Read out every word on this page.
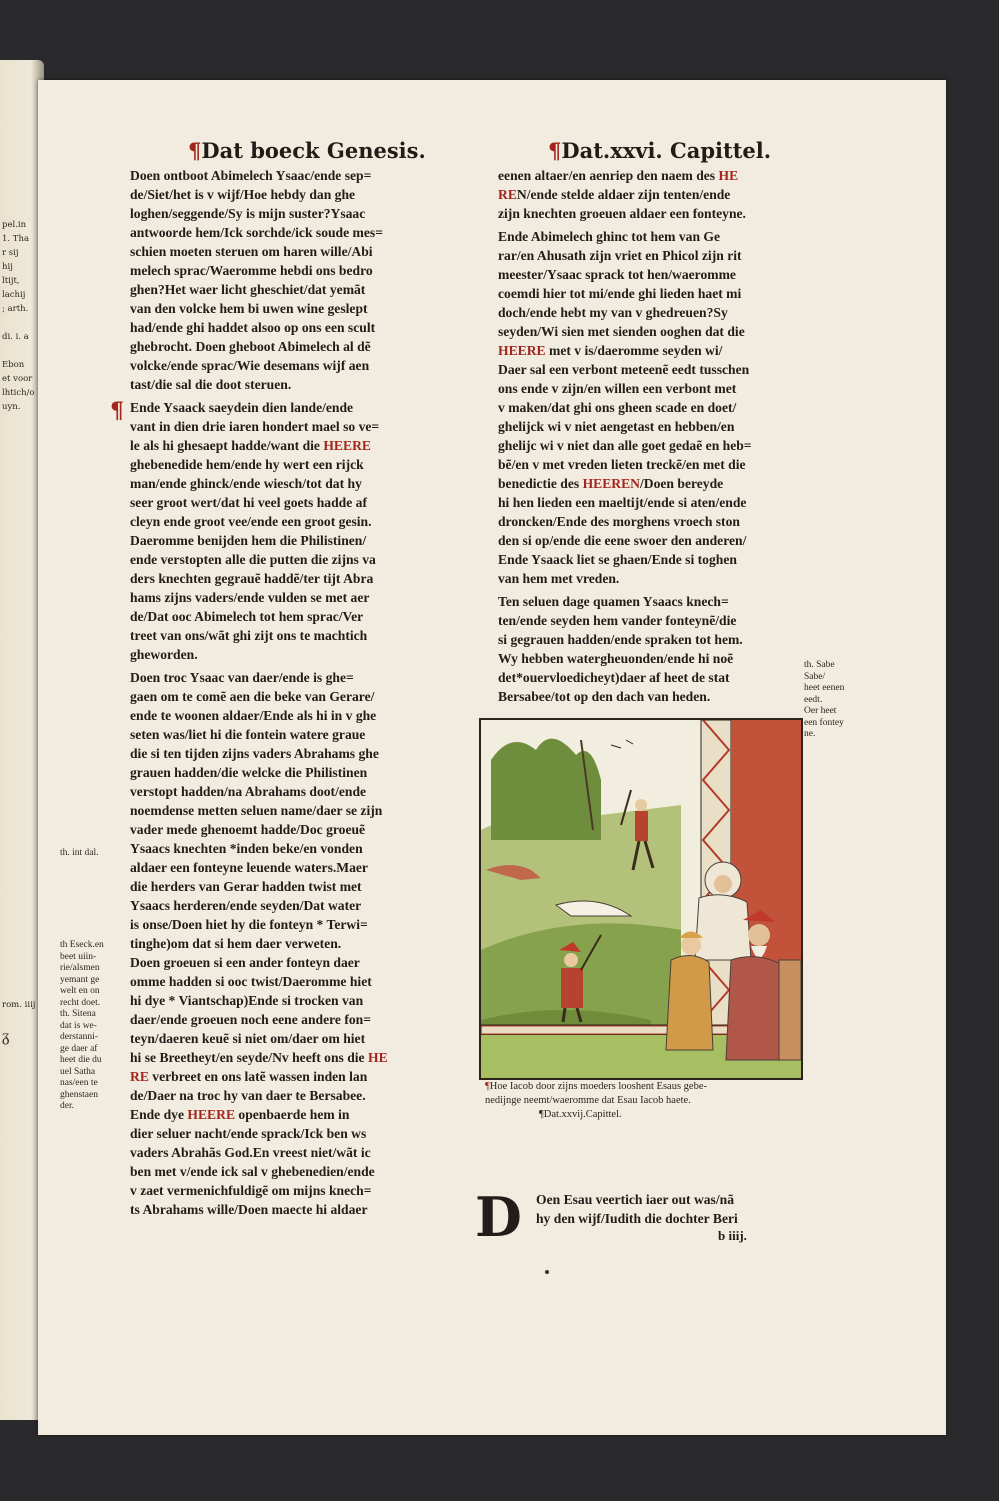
pel.in
1. Tha
r sij
hij
ltijt,
lachij
; arth.
di. i. a
Ebon
et voor
lhtich/o
uyn.
rom. iiij
ᵹ
¶Dat boeck Genesis.	¶Dat.xxvi. Capittel.
¶
Doen ontboot Abimelech Ysaac/ende sep=
de/Siet/het is v wijf/Hoe hebdy dan ghe
loghen/seggende/Sy is mijn suster?Ysaac
antwoorde hem/Ick sorchde/ick soude mes=
schien moeten steruen om haren wille/Abi
melech sprac/Waeromme hebdi ons bedro
ghen?Het waer licht gheschiet/dat yemãt
van den volcke hem bi uwen wine geslept
had/ende ghi haddet alsoo op ons een scult
ghebrocht. Doen gheboot Abimelech al dẽ
volcke/ende sprac/Wie desemans wijf aen
tast/die sal die doot steruen.
Ende Ysaack saeydein dien lande/ende
vant in dien drie iaren hondert mael so ve=
le als hi ghesaept hadde/want die HEERE
ghebenedide hem/ende hy wert een rijck
man/ende ghinck/ende wiesch/tot dat hy
seer groot wert/dat hi veel goets hadde af
cleyn ende groot vee/ende een groot gesin.
Daeromme benijden hem die Philistinen/
ende verstopten alle die putten die zijns va
ders knechten gegrauẽ haddẽ/ter tijt Abra
hams zijns vaders/ende vulden se met aer
de/Dat ooc Abimelech tot hem sprac/Ver
treet van ons/wãt ghi zijt ons te machtich
gheworden.
Doen troc Ysaac van daer/ende is ghe=
gaen om te comẽ aen die beke van Gerare/
ende te woonen aldaer/Ende als hi in v ghe
seten was/liet hi die fontein watere graue
die si ten tijden zijns vaders Abrahams ghe
grauen hadden/die welcke die Philistinen
verstopt hadden/na Abrahams doot/ende
noemdense metten seluen name/daer se zijn
vader mede ghenoemt hadde/Doc groeuẽ
Ysaacs knechten *inden beke/en vonden
aldaer een fonteyne leuende waters.Maer
die herders van Gerar hadden twist met
Ysaacs herderen/ende seyden/Dat water
is onse/Doen hiet hy die fonteyn * Terwi=
tinghe)om dat si hem daer verweten.
Doen groeuen si een ander fonteyn daer
omme hadden si ooc twist/Daeromme hiet
hi dye * Viantschap)Ende si trocken van
daer/ende groeuen noch eene andere fon=
teyn/daeren keuẽ si niet om/daer om hiet
hi se Breetheyt/en seyde/Nv heeft ons die HE
RE verbreet en ons latẽ wassen inden lan
de/Daer na troc hy van daer te Bersabee.
Ende dye HEERE openbaerde hem in
dier seluer nacht/ende sprack/Ick ben ws
vaders Abrahãs God.En vreest niet/wãt ic
ben met v/ende ick sal v ghebenedien/ende
v zaet vermenichfuldigẽ om mijns knech=
ts Abrahams wille/Doen maecte hi aldaer
eenen altaer/en aenriep den naem des HE
REN/ende stelde aldaer zijn tenten/ende
zijn knechten groeuen aldaer een fonteyne.
Ende Abimelech ghinc tot hem van Ge
rar/en Ahusath zijn vriet en Phicol zijn rit
meester/Ysaac sprack tot hen/waeromme
coemdi hier tot mi/ende ghi lieden haet mi
doch/ende hebt my van v ghedreuen?Sy
seyden/Wi sien met sienden ooghen dat die
HEERE met v is/daeromme seyden wi/
Daer sal een verbont meteenẽ eedt tusschen
ons ende v zijn/en willen een verbont met
v maken/dat ghi ons gheen scade en doet/
ghelijck wi v niet aengetast en hebben/en
ghelijc wi v niet dan alle goet gedaẽ en heb=
bẽ/en v met vreden lieten treckẽ/en met die
benedictie des HEEREN/Doen bereyde
hi hen lieden een maeltijt/ende si aten/ende
droncken/Ende des morghens vroech ston
den si op/ende die eene swoer den anderen/
Ende Ysaack liet se ghaen/Ende si toghen
van hem met vreden.
Ten seluen dage quamen Ysaacs knech=
ten/ende seyden hem vander fonteynẽ/die
si gegrauen hadden/ende spraken tot hem.
Wy hebben watergheuonden/ende hi noẽ
det*ouervloedicheyt)daer af heet de stat
Bersabee/tot op den dach van heden.
th. int dal.
th Eseck.en
beet uiin-
rie/alsmen
yemant ge
welt en on
recht doet.
th. Sitena
dat is we-
derstanni-
ge daer af
heet die du
uel Satha
nas/een te
ghenstaen
der.
th. Sabe
Sabe/
heet eenen
eedt.
Oer heet
een fontey
ne.
¶Hoe Iacob door zijns moeders looshent Esaus gebe-
nedijnge neemt/waeromme dat Esau Iacob haete.
¶Dat.xxvij.Capittel.
D Oen Esau veertich iaer out was/nã
hy den wijf/Iudith die dochter Beri
b iiij.
